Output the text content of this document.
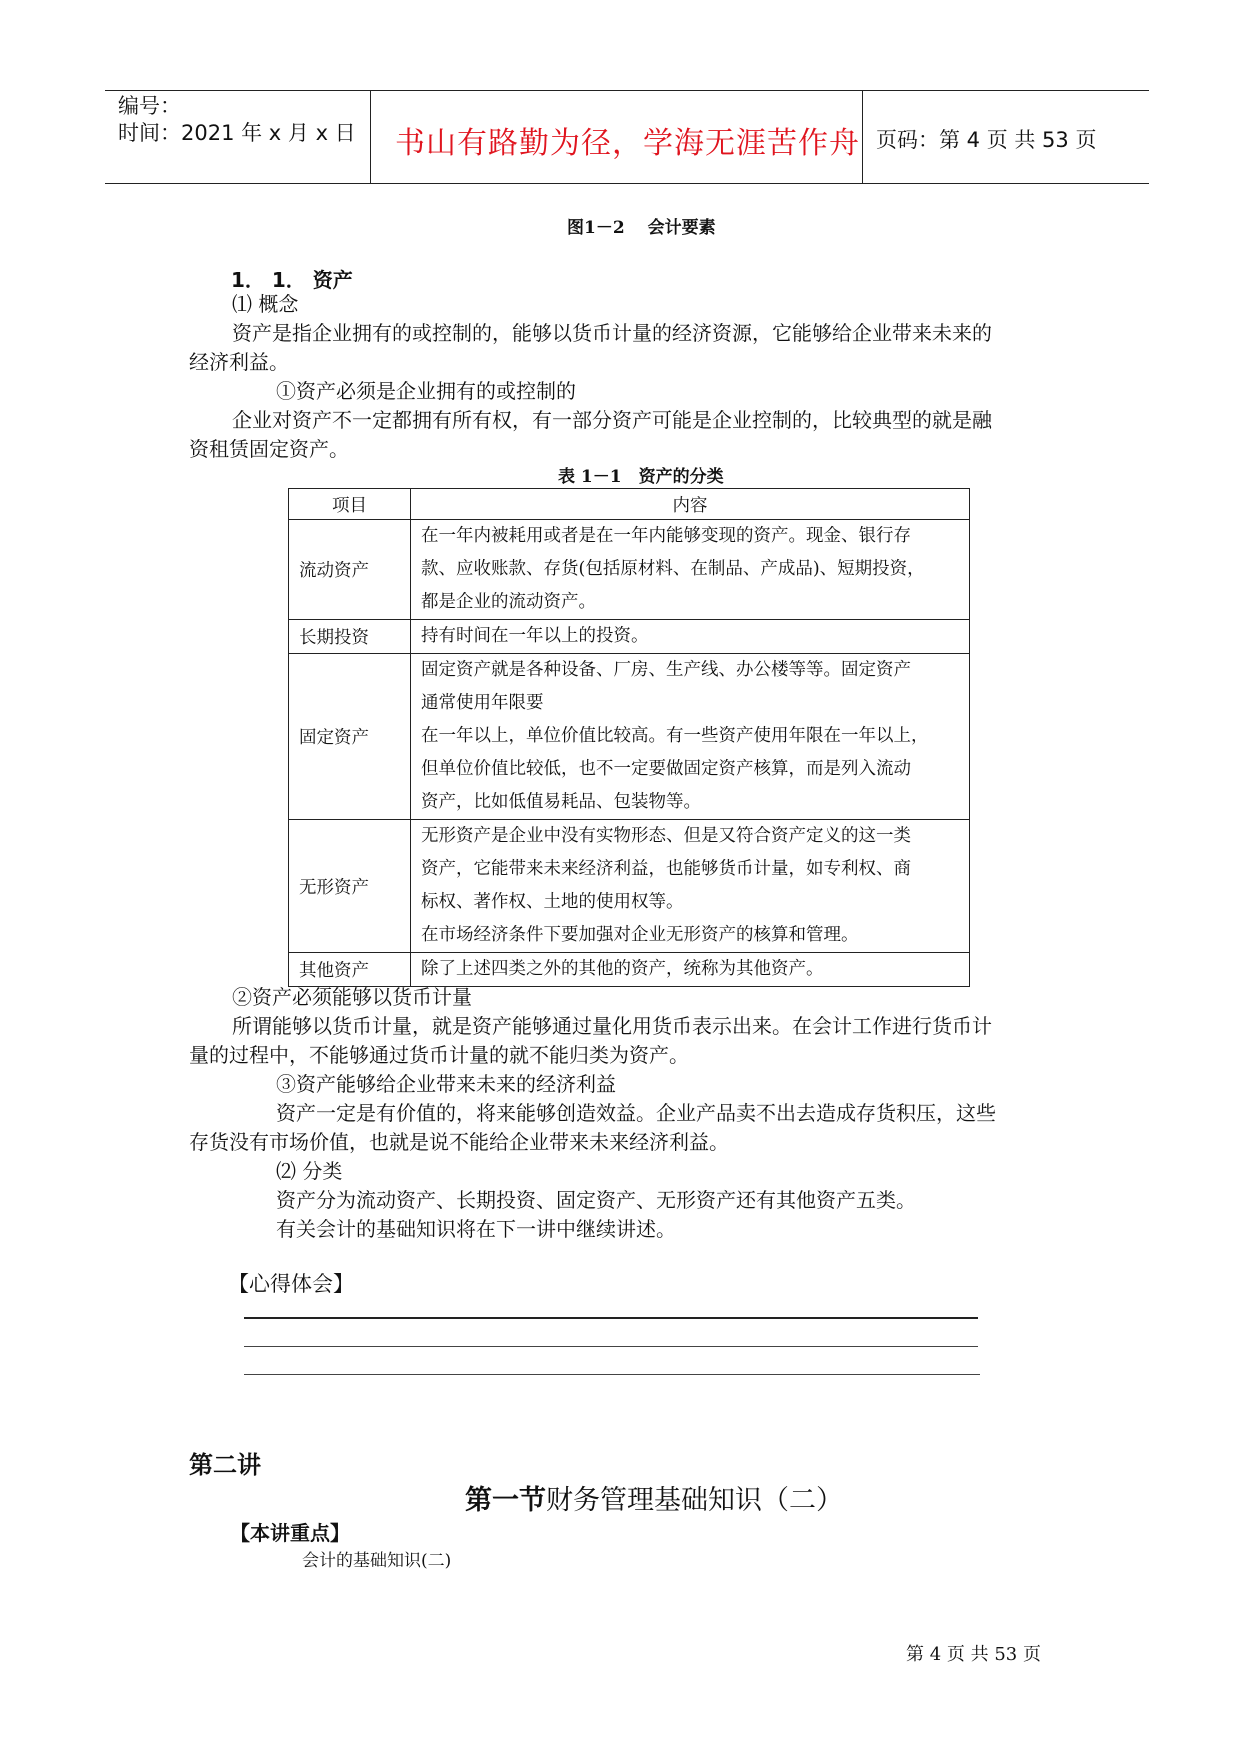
编号：
时间：2021 年 x 月 x 日 书山有路勤为径，学海无涯苦作舟 页码：第 4 页 共 53 页
图1－2　 会计要素
1． 1． 资产
⑴ 概念
资产是指企业拥有的或控制的，能够以货币计量的经济资源，它能够给企业带来未来的
经济利益。
①资产必须是企业拥有的或控制的
企业对资产不一定都拥有所有权，有一部分资产可能是企业控制的，比较典型的就是融
资租赁固定资产。
表 1－1　资产的分类
项目	内容
流动资产	在一年内被耗用或者是在一年内能够变现的资产。现金、银行存
款、应收账款、存货(包括原材料、在制品、产成品)、短期投资，
都是企业的流动资产。

长期投资	持有时间在一年以上的投资。

固定资产	固定资产就是各种设备、厂房、生产线、办公楼等等。固定资产
通常使用年限要
在一年以上，单位价值比较高。有一些资产使用年限在一年以上，
但单位价值比较低，也不一定要做固定资产核算，而是列入流动
资产，比如低值易耗品、包装物等。

无形资产	无形资产是企业中没有实物形态、但是又符合资产定义的这一类
资产，它能带来未来经济利益，也能够货币计量，如专利权、商
标权、著作权、土地的使用权等。
在市场经济条件下要加强对企业无形资产的核算和管理。

其他资产	除了上述四类之外的其他的资产，统称为其他资产。
②资产必须能够以货币计量
所谓能够以货币计量，就是资产能够通过量化用货币表示出来。在会计工作进行货币计
量的过程中，不能够通过货币计量的就不能归类为资产。
③资产能够给企业带来未来的经济利益
资产一定是有价值的，将来能够创造效益。企业产品卖不出去造成存货积压，这些
存货没有市场价值，也就是说不能给企业带来未来经济利益。
⑵ 分类
资产分为流动资产、长期投资、固定资产、无形资产还有其他资产五类。
有关会计的基础知识将在下一讲中继续讲述。
【心得体会】
第二讲
第一节财务管理基础知识（二）
【本讲重点】
会计的基础知识(二)
第 4 页 共 53 页
